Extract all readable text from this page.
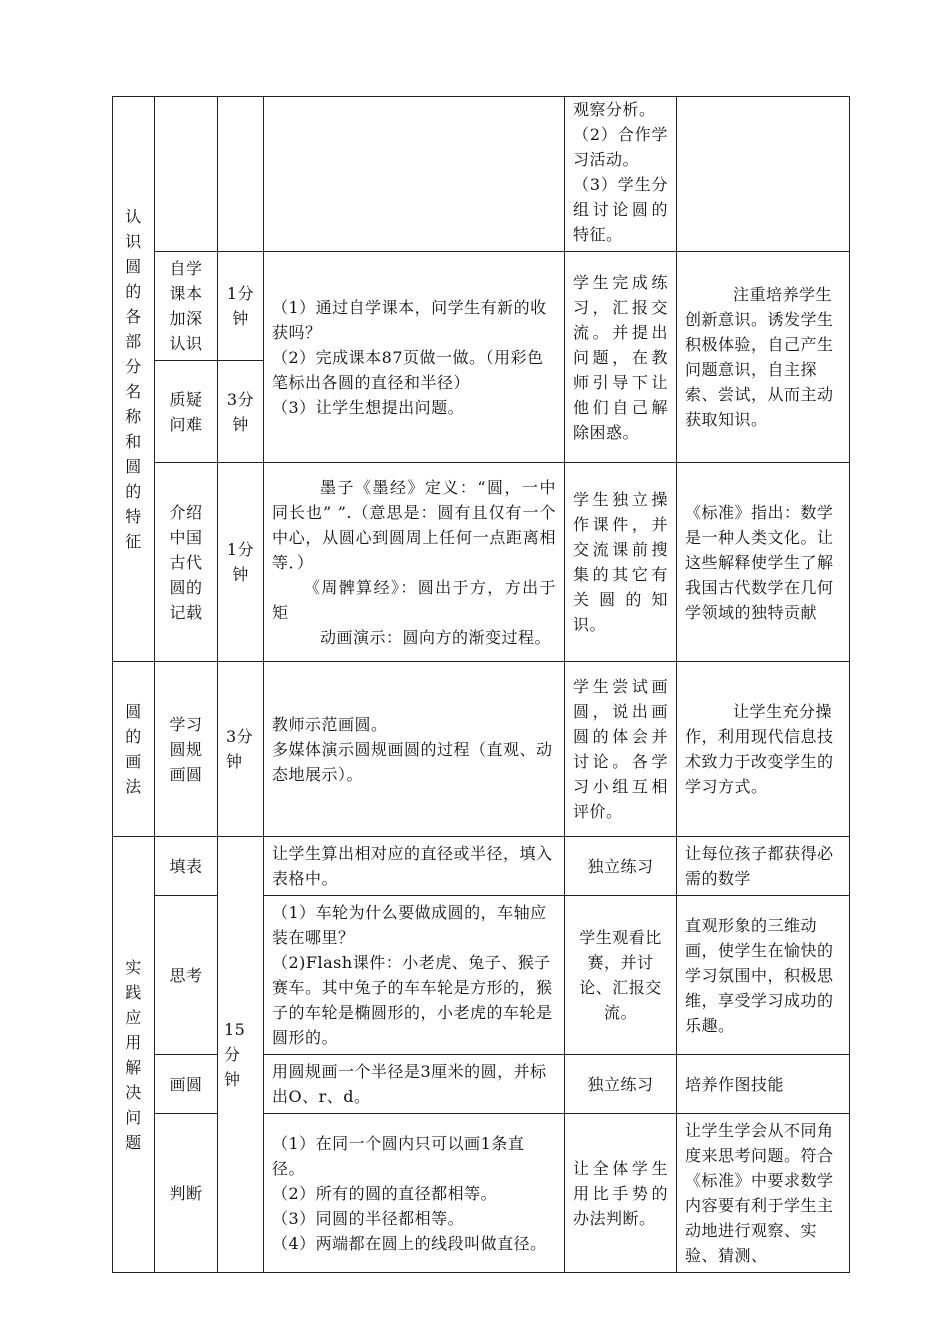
认识圆的各部分名称和圆的特征				观察分析。
（2）合作学习活动。
（3）学生分组讨论圆的特征。	

	自学课本加深认识	1分钟	（1）通过自学课本，问学生有新的收获吗？
（2）完成课本87页做一做。（用彩色笔标出各圆的直径和半径）
（3）让学生想提出问题。	学生完成练习，汇报交流。并提出问题，在教师引导下让他们自己解除困惑。	注重培养学生创新意识。诱发学生积极体验，自己产生问题意识，自主探索、尝试，从而主动获取知识。
	质疑问难	3分钟			
	介绍中国古代圆的记载	1分钟	墨子《墨经》定义：“圆，一中同长也” ”.（意思是：圆有且仅有一个中心，从圆心到圆周上任何一点距离相等．）
《周髀算经》：圆出于方，方出于矩
动画演示：圆向方的渐变过程。	学生独立操作课件，并交流课前搜集的其它有关圆的知识。	《标准》指出：数学是一种人类文化。让这些解释使学生了解我国古代数学在几何学领域的独特贡献

圆的画法	学习圆规画圆	3分钟	教师示范画圆。
多媒体演示圆规画圆的过程（直观、动态地展示）。	学生尝试画圆，说出画圆的体会并讨论。各学习小组互相评价。	让学生充分操作，利用现代信息技术致力于改变学生的学习方式。

实践应用解决问题	填表	15分钟	让学生算出相对应的直径或半径，填入表格中。	独立练习	让每位孩子都获得必需的数学
	思考		（1）车轮为什么要做成圆的，车轴应装在哪里？
（2)Flash课件：小老虎、兔子、猴子赛车。其中兔子的车车轮是方形的，猴子的车轮是椭圆形的，小老虎的车轮是圆形的。	学生观看比赛，并讨论、汇报交流。	直观形象的三维动画，使学生在愉快的学习氛围中，积极思维，享受学习成功的乐趣。
	画圆		用圆规画一个半径是3厘米的圆，并标出O、r、d。	独立练习	培养作图技能
	判断		（1）在同一个圆内只可以画1条直径。
（2）所有的圆的直径都相等。
（3）同圆的半径都相等。
（4）两端都在圆上的线段叫做直径。	让全体学生用比手势的办法判断。	让学生学会从不同角度来思考问题。符合《标准》中要求数学内容要有利于学生主动地进行观察、实验、猜测、
